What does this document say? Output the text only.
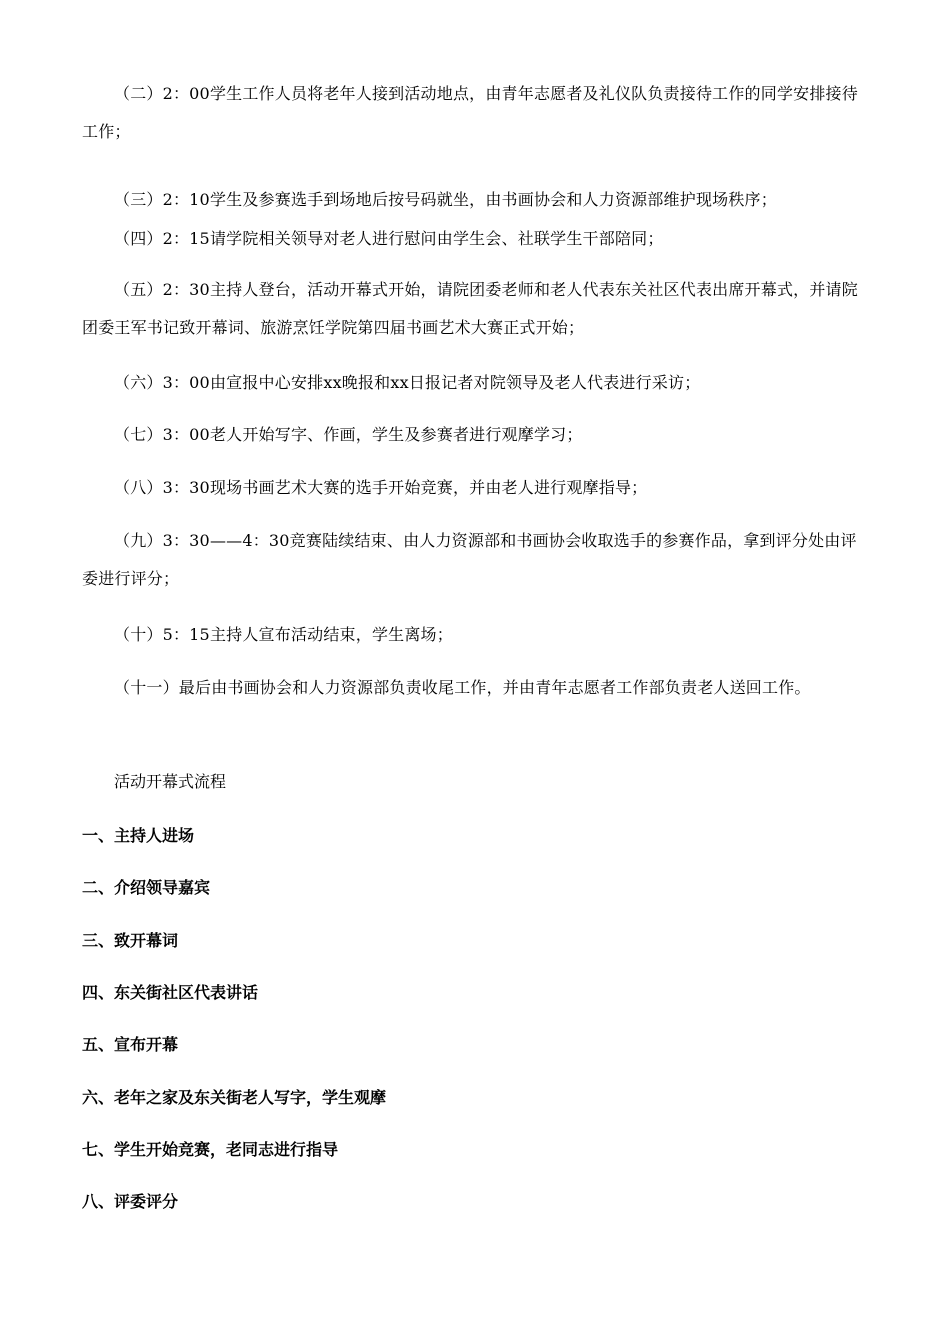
（二）2：00学生工作人员将老年人接到活动地点，由青年志愿者及礼仪队负责接待工作的同学安排接待工作；

（三）2：10学生及参赛选手到场地后按号码就坐，由书画协会和人力资源部维护现场秩序；

（四）2：15请学院相关领导对老人进行慰问由学生会、社联学生干部陪同；

（五）2：30主持人登台，活动开幕式开始，请院团委老师和老人代表东关社区代表出席开幕式，并请院团委王军书记致开幕词、旅游烹饪学院第四届书画艺术大赛正式开始；

（六）3：00由宣报中心安排xx晚报和xx日报记者对院领导及老人代表进行采访；

（七）3：00老人开始写字、作画，学生及参赛者进行观摩学习；

（八）3：30现场书画艺术大赛的选手开始竞赛，并由老人进行观摩指导；

（九）3：30——4：30竞赛陆续结束、由人力资源部和书画协会收取选手的参赛作品，拿到评分处由评委进行评分；

（十）5：15主持人宣布活动结束，学生离场；

（十一）最后由书画协会和人力资源部负责收尾工作，并由青年志愿者工作部负责老人送回工作。

活动开幕式流程

一、主持人进场

二、介绍领导嘉宾

三、致开幕词

四、东关街社区代表讲话

五、宣布开幕

六、老年之家及东关街老人写字，学生观摩

七、学生开始竞赛，老同志进行指导

八、评委评分
